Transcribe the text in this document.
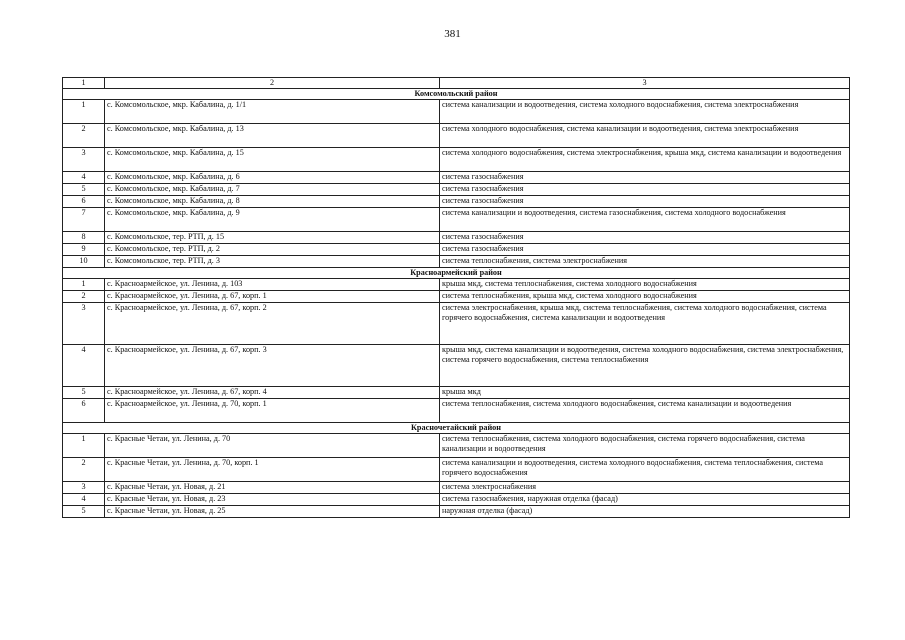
381
1	2	3
Комсомольский район		
1	с. Комсомольское, мкр. Кабалина, д. 1/1	система канализации и водоотведения, система холодного водоснабжения, система электроснабжения
2	с. Комсомольское, мкр. Кабалина, д. 13	система холодного водоснабжения, система канализации и водоотведения, система электроснабжения
3	с. Комсомольское, мкр. Кабалина, д. 15	система холодного водоснабжения, система электроснабжения, крыша мкд, система канализации и водоотведения
4	с. Комсомольское, мкр. Кабалина, д. 6	система газоснабжения
5	с. Комсомольское, мкр. Кабалина, д. 7	система газоснабжения
6	с. Комсомольское, мкр. Кабалина, д. 8	система газоснабжения
7	с. Комсомольское, мкр. Кабалина, д. 9	система канализации и водоотведения, система газоснабжения, система холодного водоснабжения
8	с. Комсомольское, тер. РТП, д. 15	система газоснабжения
9	с. Комсомольское, тер. РТП, д. 2	система газоснабжения
10	с. Комсомольское, тер. РТП, д. 3	система теплоснабжения, система электроснабжения
Красноармейский район		
1	с. Красноармейское, ул. Ленина, д. 103	крыша мкд, система теплоснабжения, система холодного водоснабжения
2	с. Красноармейское, ул. Ленина, д. 67, корп. 1	система теплоснабжения, крыша мкд, система холодного водоснабжения
3	с. Красноармейское, ул. Ленина, д. 67, корп. 2	система электроснабжения, крыша мкд, система теплоснабжения, система холодного водоснабжения, система горячего водоснабжения, система канализации и водоотведения
4	с. Красноармейское, ул. Ленина, д. 67, корп. 3	крыша мкд, система канализации и водоотведения, система холодного водоснабжения, система электроснабжения, система горячего водоснабжения, система теплоснабжения
5	с. Красноармейское, ул. Ленина, д. 67, корп. 4	крыша мкд
6	с. Красноармейское, ул. Ленина, д. 70, корп. 1	система теплоснабжения, система холодного водоснабжения, система канализации и водоотведения
Красночетайский район		
1	с. Красные Четаи, ул. Ленина, д. 70	система теплоснабжения, система холодного водоснабжения, система горячего водоснабжения, система канализации и водоотведения
2	с. Красные Четаи, ул. Ленина, д. 70, корп. 1	система канализации и водоотведения, система холодного водоснабжения, система теплоснабжения, система горячего водоснабжения
3	с. Красные Четаи, ул. Новая, д. 21	система электроснабжения
4	с. Красные Четаи, ул. Новая, д. 23	система газоснабжения, наружная отделка (фасад)
5	с. Красные Четаи, ул. Новая, д. 25	наружная отделка (фасад)
